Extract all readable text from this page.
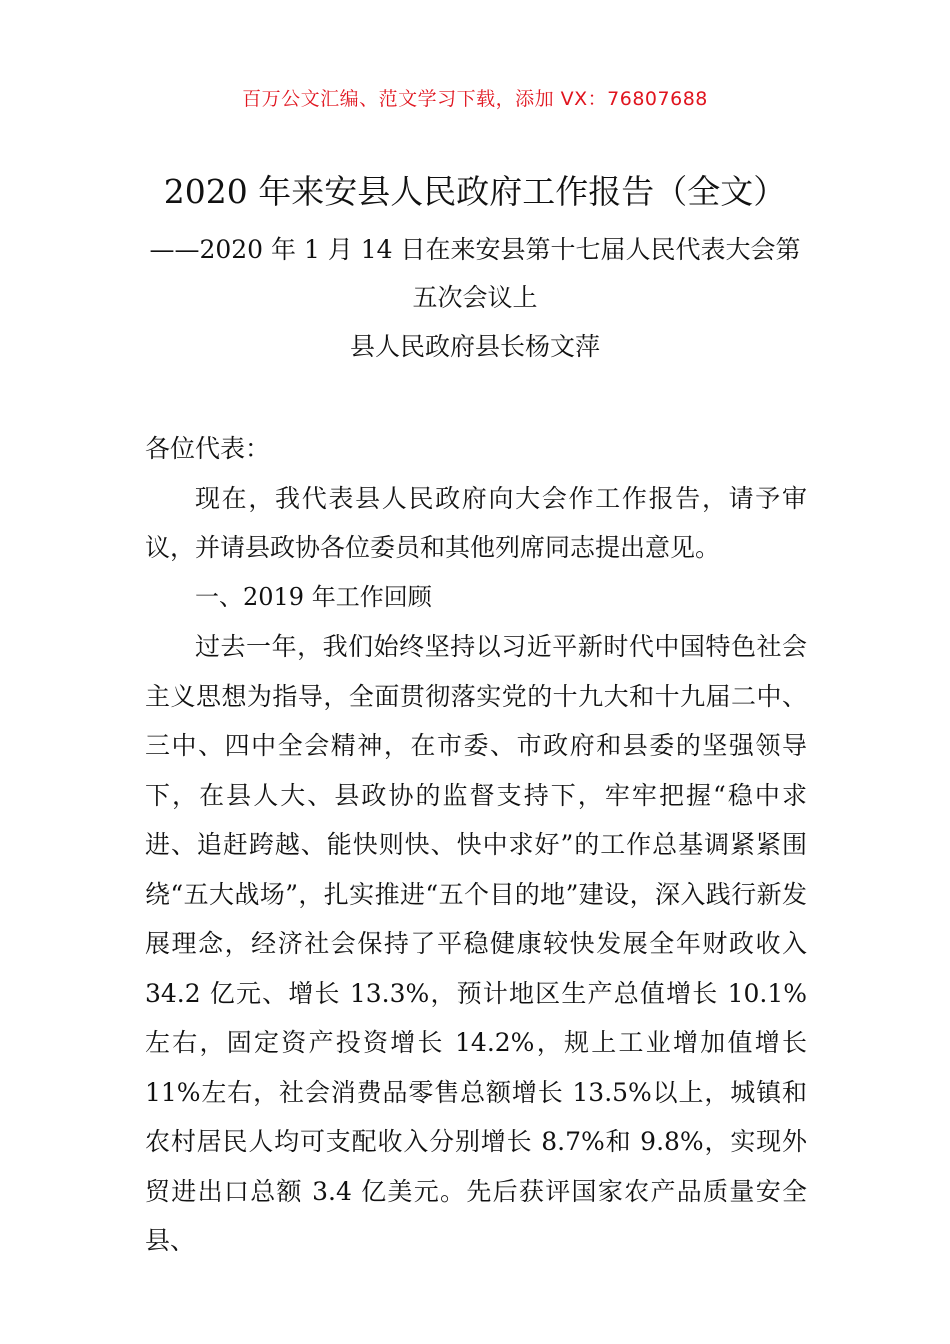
百万公文汇编、范文学习下载，添加 VX：76807688
2020 年来安县人民政府工作报告（全文）
——2020 年 1 月 14 日在来安县第十七届人民代表大会第五次会议上
县人民政府县长杨文萍

各位代表：

现在，我代表县人民政府向大会作工作报告，请予审议，并请县政协各位委员和其他列席同志提出意见。

一、2019 年工作回顾

过去一年，我们始终坚持以习近平新时代中国特色社会主义思想为指导，全面贯彻落实党的十九大和十九届二中、三中、四中全会精神，在市委、市政府和县委的坚强领导下，在县人大、县政协的监督支持下，牢牢把握“稳中求进、追赶跨越、能快则快、快中求好”的工作总基调紧紧围绕“五大战场”，扎实推进“五个目的地”建设，深入践行新发展理念，经济社会保持了平稳健康较快发展全年财政收入 34.2 亿元、增长 13.3%，预计地区生产总值增长 10.1%左右，固定资产投资增长 14.2%，规上工业增加值增长 11%左右，社会消费品零售总额增长 13.5%以上，城镇和农村居民人均可支配收入分别增长 8.7%和 9.8%，实现外贸进出口总额 3.4 亿美元。先后获评国家农产品质量安全县、
